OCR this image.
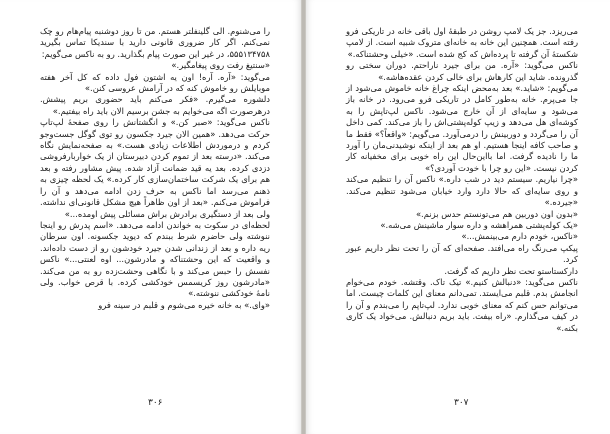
را می‌شنوم. الی گلینفلتر هستم. من تا روز دوشنبه پیام‌هام رو چک نمی‌کنم. اگر کار ضروری قانونی دارید با سندیکا تماس بگیرید ۵۵۵۱۳۴۷۵۸، در غیر این صورت پیام بگذارید. رو به ناکس می‌گویم:

«سنتیغ رفت روی پیغامگیر.»

می‌گوید: «آره. آره! اون یه اشتون فول داده که کل آخر هفته موبایلش رو خاموش کنه که در آرامش عروسی کنن.»

دلشوره می‌گیرم. «فکر می‌کنم باید حضوری بریم پیشش. درهرصورت اگه می‌خوایم به جشن برسیم الان باید راه بیفتیم.»

ناکس می‌گوید: «صبر کن.» و انگشتانش را روی صفحهٔ لپ‌تاپ حرکت می‌دهد. «همین الان جیرد جکسون رو توی گوگل جست‌وجو کردم و درموردش اطلاعات زیادی هست.» به صفحه‌نمایش نگاه می‌کند. «درسته بعد از تموم کردن دبیرستان از یک خواربارفروشی دزدی کرده. بعد یه قید ضمانت آزاد شده. پیش مشاور رفته و بعد هم برای یک شرکت ساختمان‌سازی کار کرده.» یک لحظه چیزی به ذهنم می‌رسد اما ناکس به حرف زدن ادامه می‌دهد و آن را فراموش می‌کنم. «بعد از اون ظاهراً هیچ مشکل قانونی‌ای نداشته. ولی بعد از دستگیری برادرش براش مسائلی پیش اومده...»

لحظه‌ای در سکوت به خواندن ادامه می‌دهد. «اسم پدرش رو اینجا ننوشته ولی حاضرم شرط ببندم که دیوید جکسونه. اون سرطان ریه داره و بعد از زندانی شدن جیرد خودشون رو از دست داده‌اند. و واقعیت که این وحشتناکه و مادرشون... اوه لعنتی...» ناکس نفسش را حبس می‌کند و با نگاهی وحشت‌زده رو به من می‌کند. «مادرشون روز کریسمس خودکشی کرده. با قرص خواب. ولی نامهٔ خودکشی ننوشته.»

«وای.» به خانه خیره می‌شوم و قلبم در سینه فرو

۳۰۶

می‌ریزد. جز یک لامپ روشن در طبقهٔ اول باقی خانه در تاریکی فرو رفته است. همچنین این خانه به خانه‌ای متروک شبیه است. از لامپ شکستهٔ آن گرفته تا پرده‌اش که کج شده است. «خیلی وحشتناکه.»

ناکس می‌گوید: «آره. من برای جیرد ناراحتم. دوران سختی رو گذرونده. شاید این کارهاش برای خالی کردن عقده‌هاشه.»

می‌گویم: «شاید.» بعد به‌محض اینکه چراغ خانه خاموش می‌شود از جا می‌پرم. خانه به‌طور کامل در تاریکی فرو می‌رود. در خانه باز می‌شود و سایه‌ای از آن خارج می‌شود. ناکس لپ‌تاپش را به کوشه‌ای هل می‌دهد و زیپ کوله‌پشتی‌اش را باز می‌کند. کمی داخل آن را می‌گردد و دوربینش را درمی‌آورد. می‌گویم: «واقعاً؟» فقط ما و صاحب کافه اینجا هستیم. او هم بعد از اینکه نوشیدنی‌مان را آورد ما را نادیده گرفت. اما بااین‌حال این راه خوبی برای مخفیانه کار کردن نیست. «این رو چرا با خودت آوردی؟»

«چرا نیاریم. سیستم دید در شب داره.» ناکس آن را تنظیم می‌کند و روی سایه‌ای که حالا دارد وارد خیابان می‌شود تنظیم می‌کند. «جیرده.»

«بدون اون دوربین هم می‌تونستم حدس بزنم.»

«یک کوله‌پشتی همراهشه و داره سوار ماشینش می‌شه.»

«ناکس، خودم دارم می‌بینمش...»

پیکپ می‌رنگ راه می‌افتد. صفحه‌ای که آن را تحت نظر داریم عبور کرد.

دارکستاستو تحت نظر داریم که گرفت.

ناکس می‌گوید: «دنبالش کنیم.» تیک تاک. وقتشه. خودم می‌خوام انجامش بدم. قلبم می‌ایستد. تمی‌دانم معنای این کلمات چیست. اما می‌توانم حس کنم که معنای خوبی ندارد. لپ‌تاپم را می‌بندم و آن را در کیف می‌گذارم. «راه بیفت. باید بریم دنبالش. می‌خواد یک کاری بکنه.»

۳۰۷
